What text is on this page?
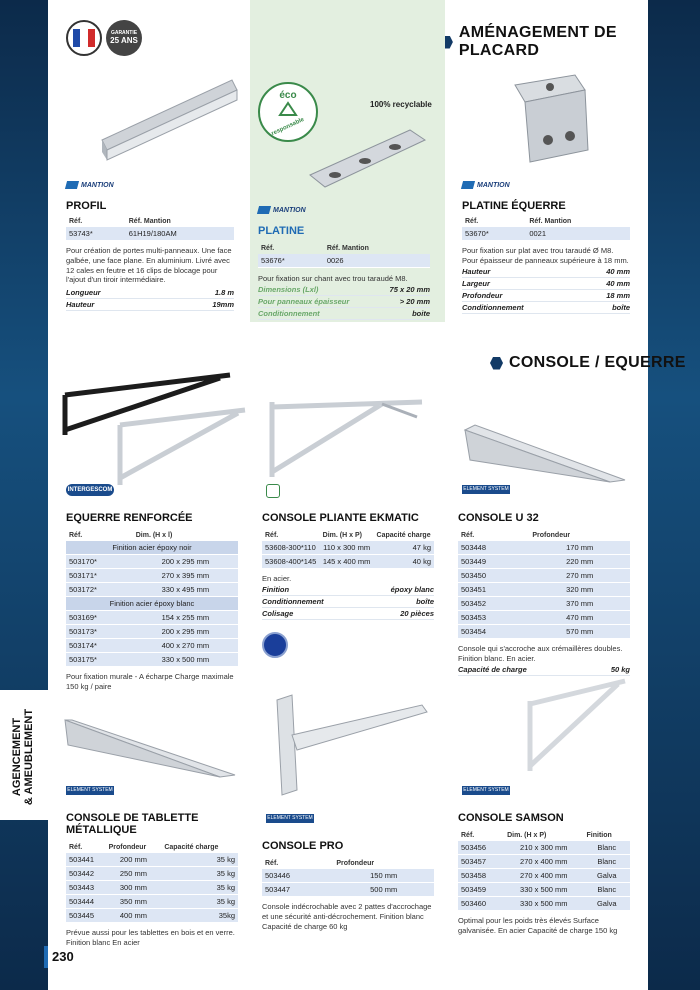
AGENCEMENT & AMEUBLEMENT
230
GARANTIE
25 ANS	AMÉNAGEMENT DE PLACARD
MANTION
PROFIL
Réf.	Réf. Mantion
53743*	61H19/180AM
Pour création de portes multi-panneaux. Une face galbée, une face plane. En aluminium. Livré avec 12 cales en feutre et 16 clips de blocage pour l'ajout d'un tiroir intermédiaire.
Longueur	1.8 m
Hauteur	19mm
éco
responsable
100% recyclable
MANTION
PLATINE
Réf.	Réf. Mantion
53676*	0026
Pour fixation sur chant avec trou taraudé M8.
Dimensions (Lxl)	75 x 20 mm
Pour panneaux épaisseur	> 20 mm
Conditionnement	boite
MANTION
PLATINE ÉQUERRE
Réf.	Réf. Mantion
53670*	0021
Pour fixation sur plat avec trou taraudé Ø M8. Pour épaisseur de panneaux supérieure à 18 mm.
Hauteur	40 mm
Largeur	40 mm
Profondeur	18 mm
Conditionnement	boîte
CONSOLE / EQUERRE
INTERGESCOM
EQUERRE RENFORCÉE
Réf.	Dim. (H x l)
Finition acier époxy noir	
503170*	200 x 295 mm
503171*	270 x 395 mm
503172*	330 x 495 mm
Finition acier époxy blanc	
503169*	154 x 255 mm
503173*	200 x 295 mm
503174*	400 x 270 mm
503175*	330 x 500 mm
Pour fixation murale - A écharpe Charge maximale 150 kg / paire
CONSOLE PLIANTE EKMATIC
Réf.	Dim. (H x P)	Capacité charge
53608-300*110	110 x 300 mm	47 kg
53608-400*145	145 x 400 mm	40 kg
En acier.
Finition	époxy blanc
Conditionnement	boîte
Colisage	20 pièces
ELEMENT SYSTEM
CONSOLE U 32
Réf.	Profondeur
503448	170 mm
503449	220 mm
503450	270 mm
503451	320 mm
503452	370 mm
503453	470 mm
503454	570 mm
Console qui s'accroche aux crémaillères doubles. Finition blanc. En acier.
Capacité de charge	50 kg
ELEMENT SYSTEM
CONSOLE DE TABLETTE MÉTALLIQUE
Réf.	Profondeur	Capacité charge
503441	200 mm	35 kg
503442	250 mm	35 kg
503443	300 mm	35 kg
503444	350 mm	35 kg
503445	400 mm	35kg
Prévue aussi pour les tablettes en bois et en verre. Finition blanc En acier
ELEMENT SYSTEM
CONSOLE PRO
Réf.	Profondeur
503446	150 mm
503447	500 mm
Console indécrochable avec 2 pattes d'accrochage et une sécurité anti-décrochement. Finition blanc Capacité de charge 60 kg
ELEMENT SYSTEM
CONSOLE SAMSON
Réf.	Dim. (H x P)	Finition
503456	210 x 300 mm	Blanc
503457	270 x 400 mm	Blanc
503458	270 x 400 mm	Galva
503459	330 x 500 mm	Blanc
503460	330 x 500 mm	Galva
Optimal pour les poids très élevés Surface galvanisée. En acier Capacité de charge 150 kg
